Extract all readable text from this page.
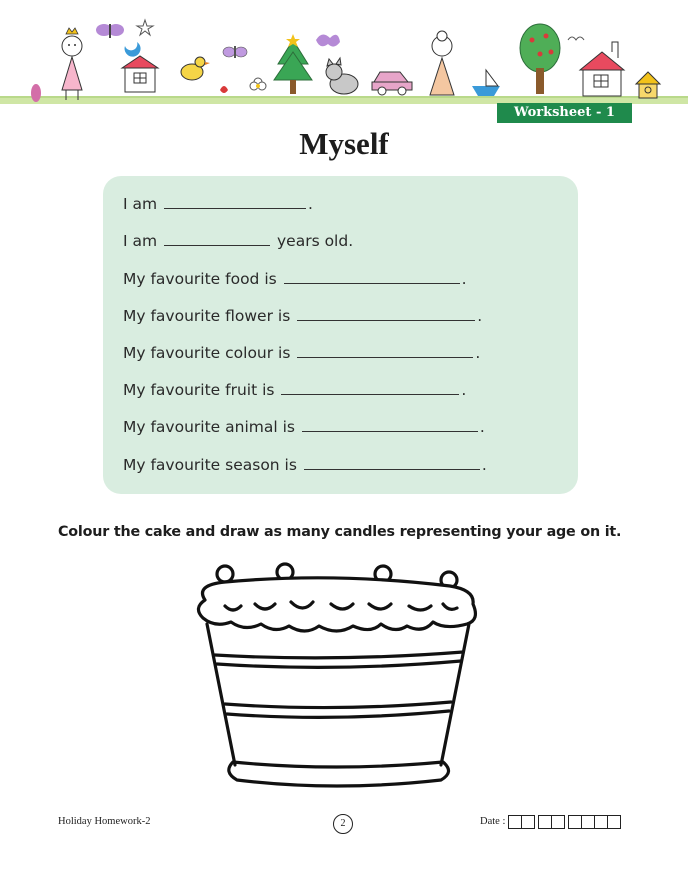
Worksheet - 1
Myself
I am	.
I am	years old.
My favourite food is	.
My favourite flower is	.
My favourite colour is	.
My favourite fruit is	.
My favourite animal is	.
My favourite season is	.
Colour the cake and draw as many candles representing your age on it.
Holiday Homework-2	2	Date :
